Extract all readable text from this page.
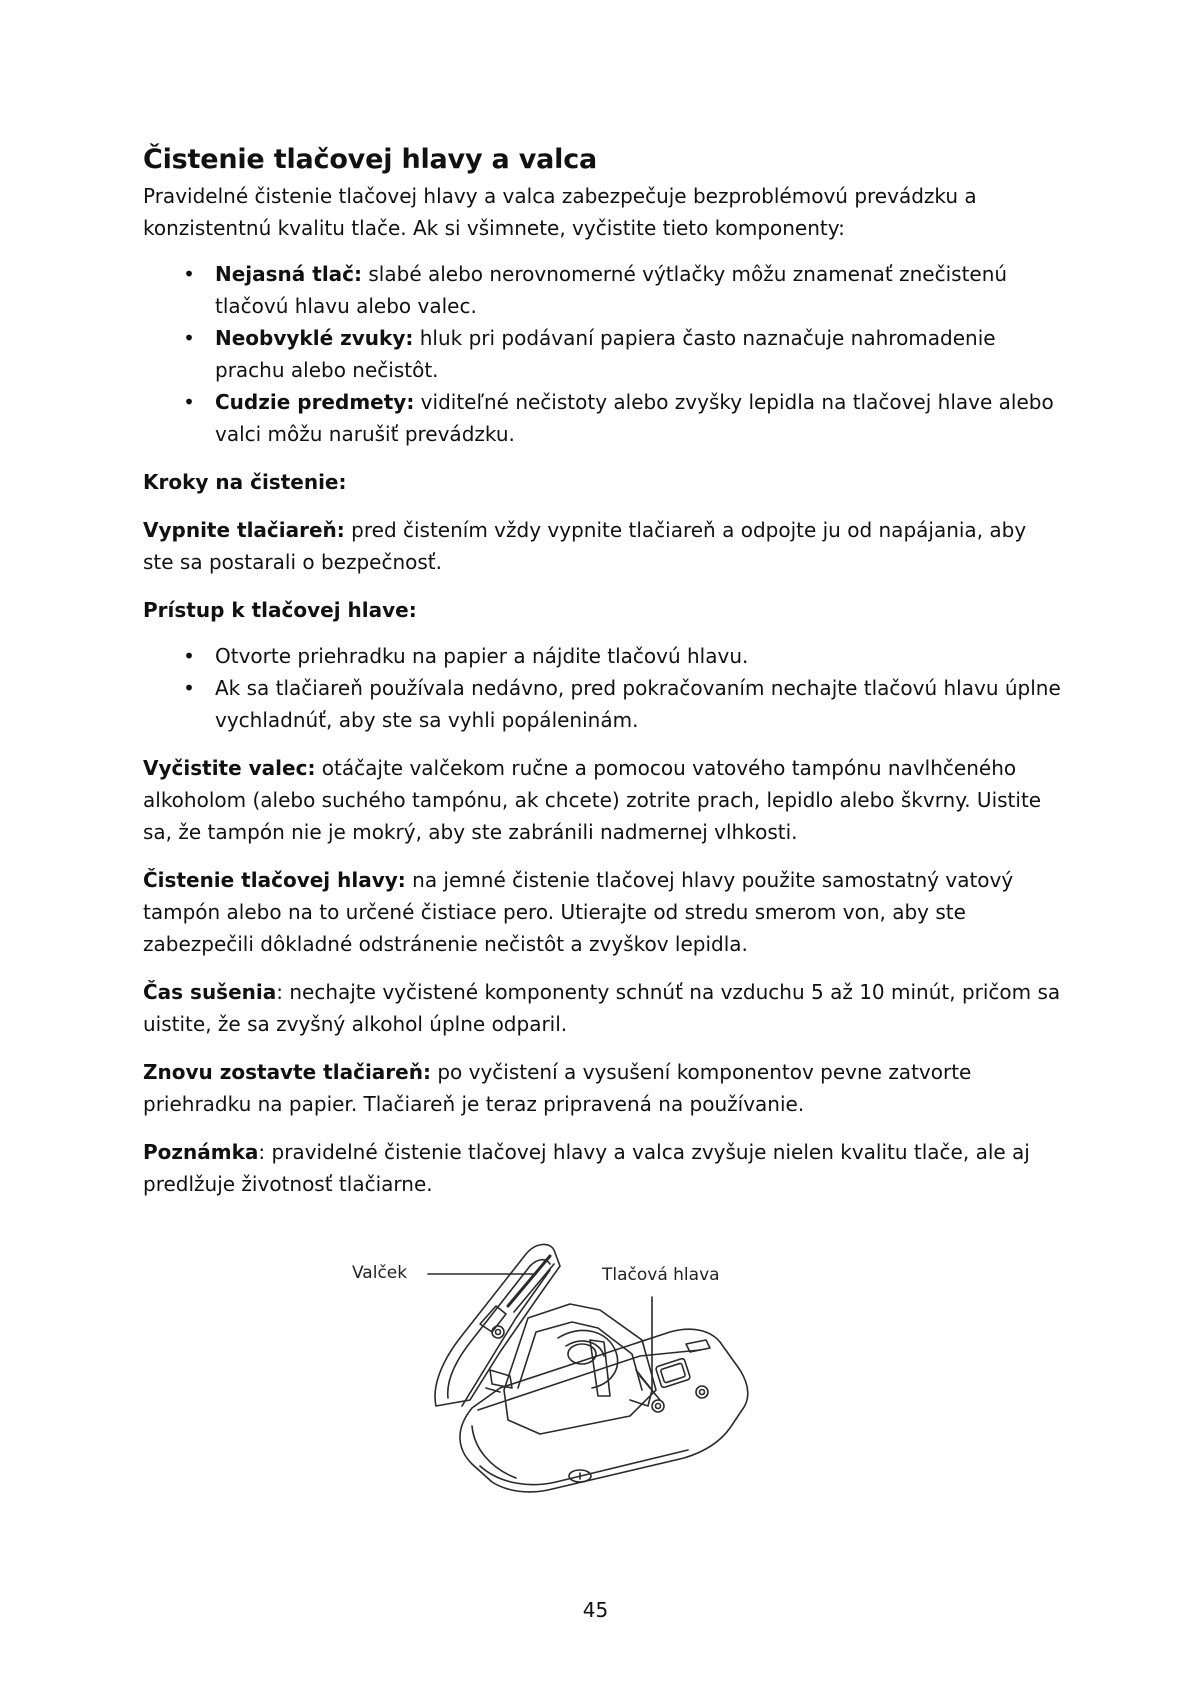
Čistenie tlačovej hlavy a valca

Pravidelné čistenie tlačovej hlavy a valca zabezpečuje bezproblémovú prevádzku a konzistentnú kvalitu tlače. Ak si všimnete, vyčistite tieto komponenty:

• Nejasná tlač: slabé alebo nerovnomerné výtlačky môžu znamenať znečistenú tlačovú hlavu alebo valec.
• Neobvyklé zvuky: hluk pri podávaní papiera často naznačuje nahromadenie prachu alebo nečistôt.
• Cudzie predmety: viditeľné nečistoty alebo zvyšky lepidla na tlačovej hlave alebo valci môžu narušiť prevádzku.

Kroky na čistenie:

Vypnite tlačiareň: pred čistením vždy vypnite tlačiareň a odpojte ju od napájania, aby ste sa postarali o bezpečnosť.

Prístup k tlačovej hlave:

• Otvorte priehradku na papier a nájdite tlačovú hlavu.
• Ak sa tlačiareň používala nedávno, pred pokračovaním nechajte tlačovú hlavu úplne vychladnúť, aby ste sa vyhli popáleninám.

Vyčistite valec: otáčajte valčekom ručne a pomocou vatového tampónu navlhčeného alkoholom (alebo suchého tampónu, ak chcete) zotrite prach, lepidlo alebo škvrny. Uistite sa, že tampón nie je mokrý, aby ste zabránili nadmernej vlhkosti.

Čistenie tlačovej hlavy: na jemné čistenie tlačovej hlavy použite samostatný vatový tampón alebo na to určené čistiace pero. Utierajte od stredu smerom von, aby ste zabezpečili dôkladné odstránenie nečistôt a zvyškov lepidla.

Čas sušenia: nechajte vyčistené komponenty schnúť na vzduchu 5 až 10 minút, pričom sa uistite, že sa zvyšný alkohol úplne odparil.

Znovu zostavte tlačiareň: po vyčistení a vysušení komponentov pevne zatvorte priehradku na papier. Tlačiareň je teraz pripravená na používanie.

Poznámka: pravidelné čistenie tlačovej hlavy a valca zvyšuje nielen kvalitu tlače, ale aj predlžuje životnosť tlačiarne.

Valček	Tlačová hlava
45
